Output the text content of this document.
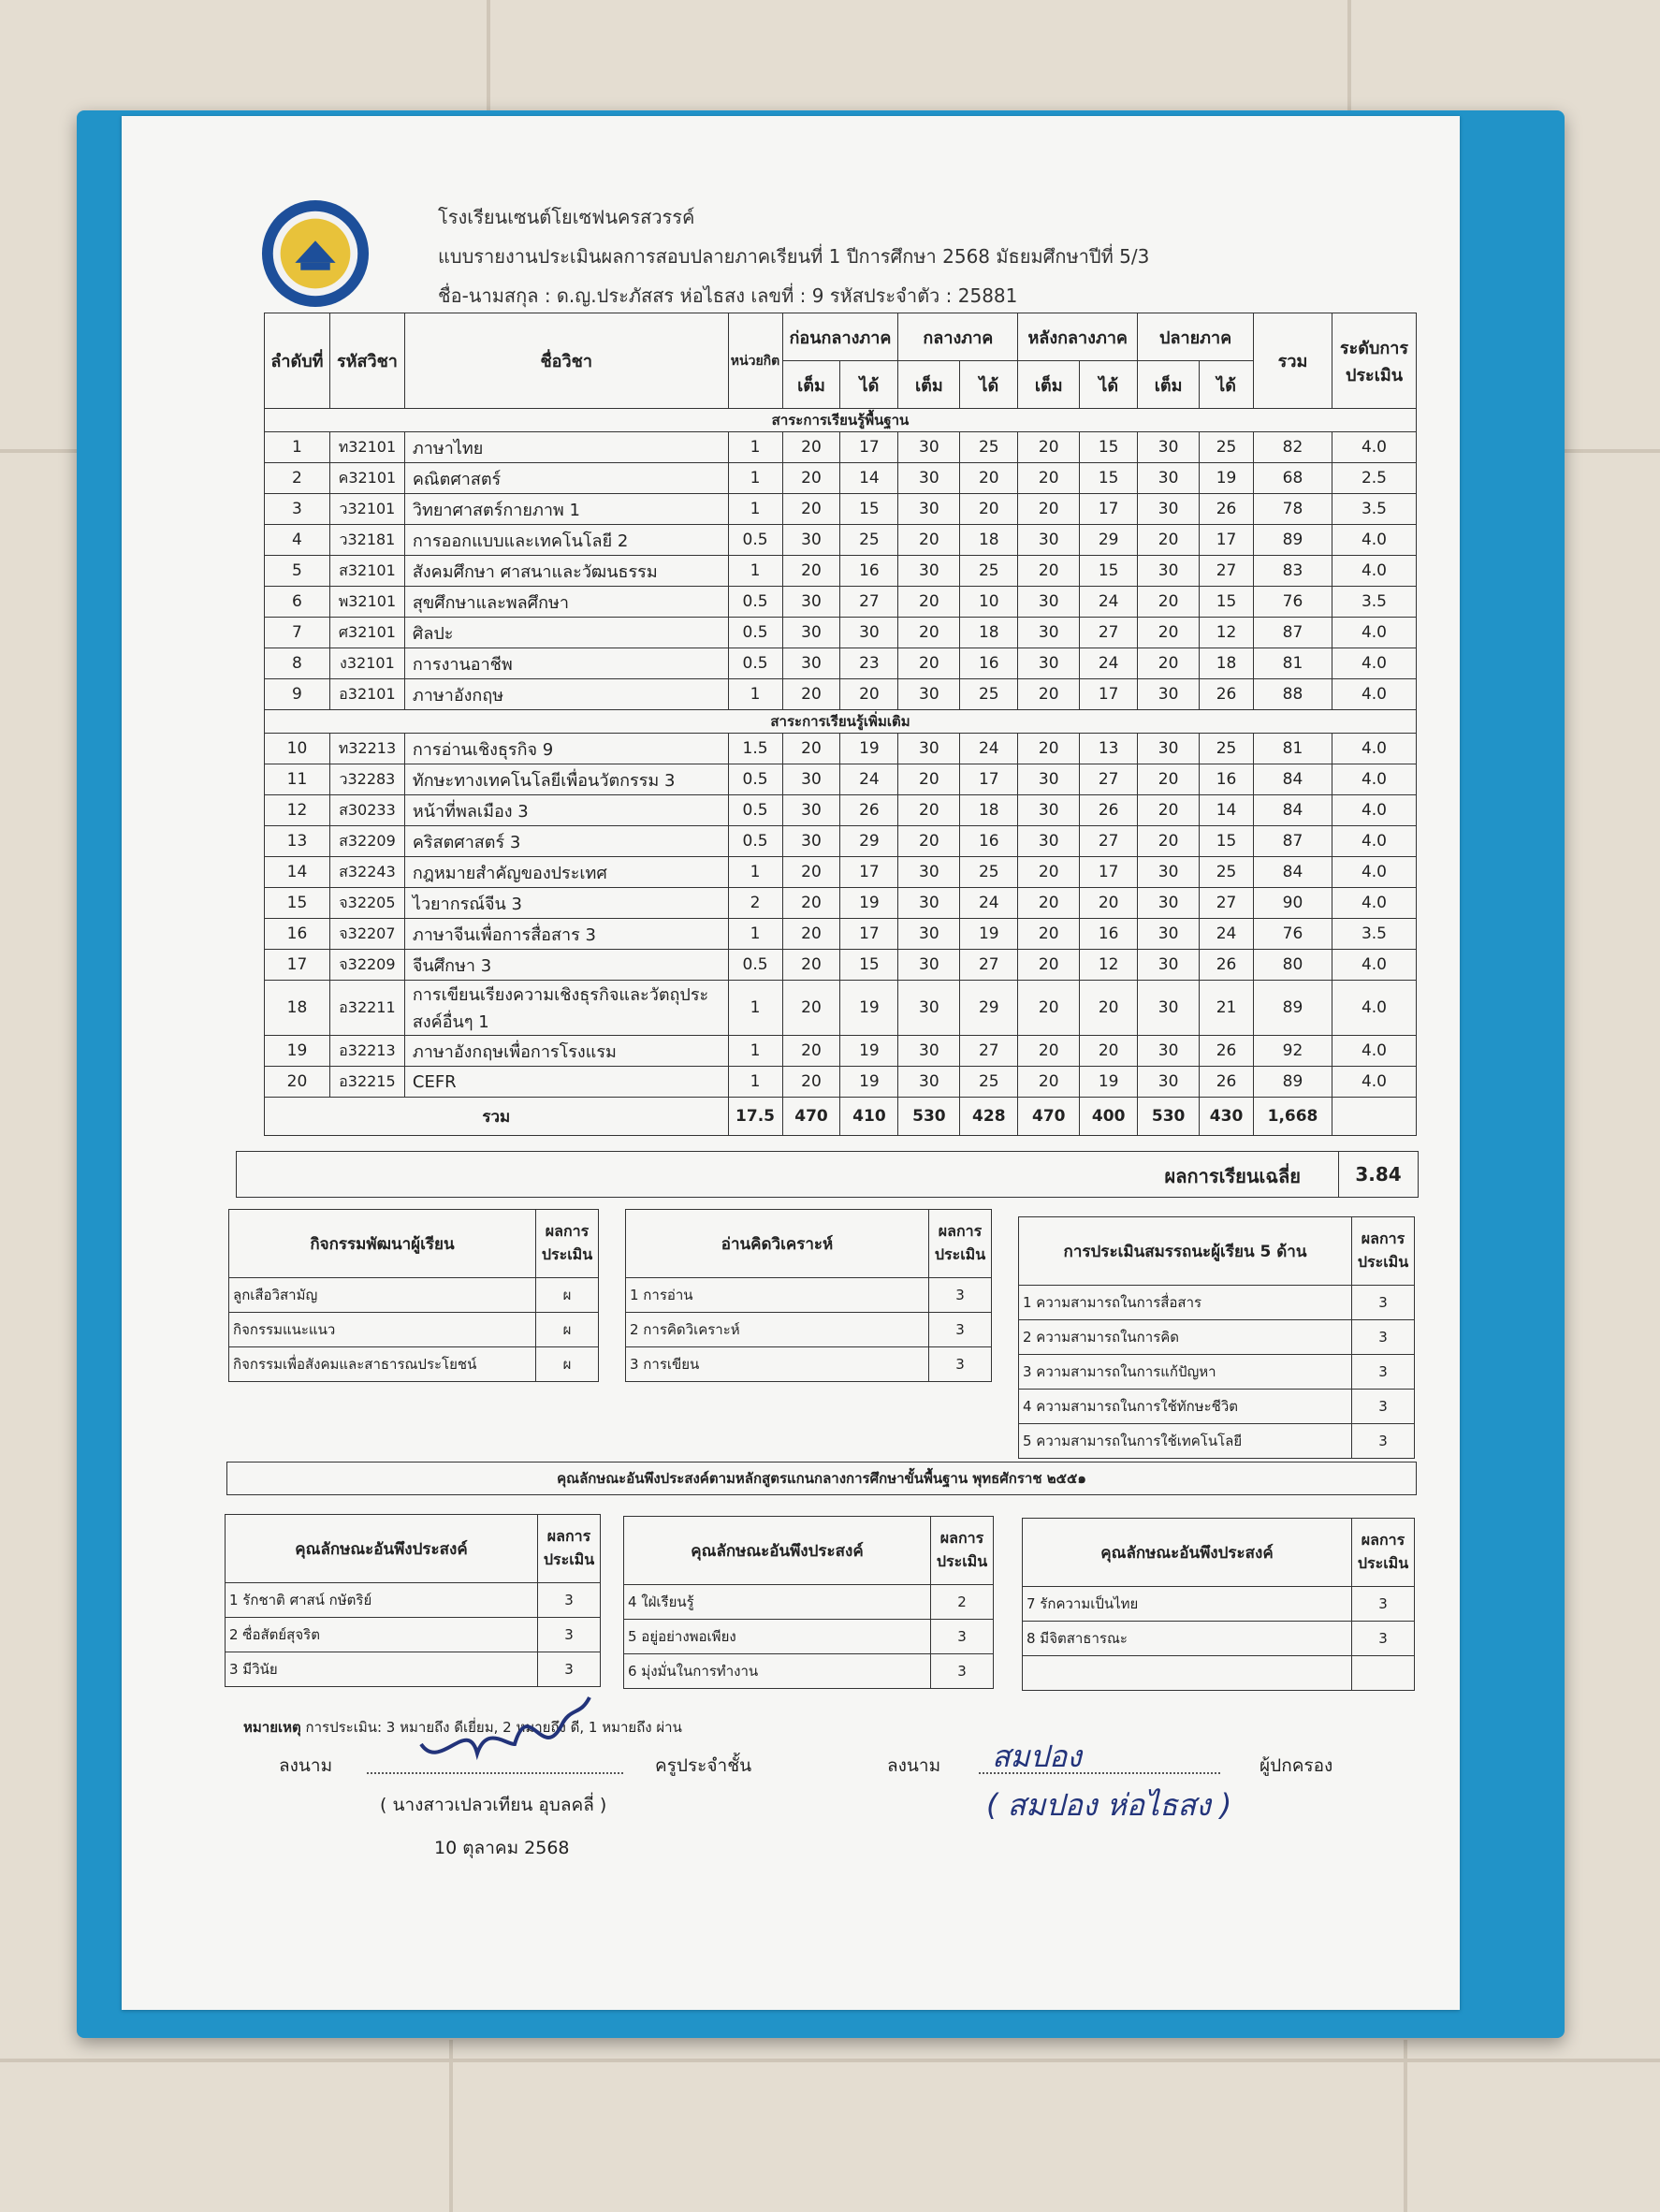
โรงเรียนเซนต์โยเซฟนครสวรรค์
แบบรายงานประเมินผลการสอบปลายภาคเรียนที่ 1 ปีการศึกษา 2568 มัธยมศึกษาปีที่ 5/3
ชื่อ-นามสกุล : ด.ญ.ประภัสสร ห่อไธสง เลขที่ : 9 รหัสประจำตัว : 25881
ลำดับที่	รหัสวิชา	ชื่อวิชา	หน่วยกิต	ก่อนกลางภาค		กลางภาค		หลังกลางภาค		ปลายภาค		รวม	ระดับการประเมิน
				เต็ม	ได้	เต็ม	ได้	เต็ม	ได้	เต็ม	ได้		
สาระการเรียนรู้พื้นฐาน													
1	ท32101	ภาษาไทย	1	20	17	30	25	20	15	30	25	82	4.0
2	ค32101	คณิตศาสตร์	1	20	14	30	20	20	15	30	19	68	2.5
3	ว32101	วิทยาศาสตร์กายภาพ 1	1	20	15	30	20	20	17	30	26	78	3.5
4	ว32181	การออกแบบและเทคโนโลยี 2	0.5	30	25	20	18	30	29	20	17	89	4.0
5	ส32101	สังคมศึกษา ศาสนาและวัฒนธรรม	1	20	16	30	25	20	15	30	27	83	4.0
6	พ32101	สุขศึกษาและพลศึกษา	0.5	30	27	20	10	30	24	20	15	76	3.5
7	ศ32101	ศิลปะ	0.5	30	30	20	18	30	27	20	12	87	4.0
8	ง32101	การงานอาชีพ	0.5	30	23	20	16	30	24	20	18	81	4.0
9	อ32101	ภาษาอังกฤษ	1	20	20	30	25	20	17	30	26	88	4.0
สาระการเรียนรู้เพิ่มเติม													
10	ท32213	การอ่านเชิงธุรกิจ 9	1.5	20	19	30	24	20	13	30	25	81	4.0
11	ว32283	ทักษะทางเทคโนโลยีเพื่อนวัตกรรม 3	0.5	30	24	20	17	30	27	20	16	84	4.0
12	ส30233	หน้าที่พลเมือง 3	0.5	30	26	20	18	30	26	20	14	84	4.0
13	ส32209	คริสตศาสตร์ 3	0.5	30	29	20	16	30	27	20	15	87	4.0
14	ส32243	กฎหมายสำคัญของประเทศ	1	20	17	30	25	20	17	30	25	84	4.0
15	จ32205	ไวยากรณ์จีน 3	2	20	19	30	24	20	20	30	27	90	4.0
16	จ32207	ภาษาจีนเพื่อการสื่อสาร 3	1	20	17	30	19	20	16	30	24	76	3.5
17	จ32209	จีนศึกษา 3	0.5	20	15	30	27	20	12	30	26	80	4.0
18	อ32211	การเขียนเรียงความเชิงธุรกิจและวัตถุประสงค์อื่นๆ 1	1	20	19	30	29	20	20	30	21	89	4.0
19	อ32213	ภาษาอังกฤษเพื่อการโรงแรม	1	20	19	30	27	20	20	30	26	92	4.0
20	อ32215	CEFR	1	20	19	30	25	20	19	30	26	89	4.0
รวม			17.5	470	410	530	428	470	400	530	430	1,668	
ผลการเรียนเฉลี่ย	3.84
กิจกรรมพัฒนาผู้เรียน	ผลการประเมิน
ลูกเสือวิสามัญ	ผ
กิจกรรมแนะแนว	ผ
กิจกรรมเพื่อสังคมและสาธารณประโยชน์	ผ
อ่านคิดวิเคราะห์	ผลการประเมิน
1 การอ่าน	3
2 การคิดวิเคราะห์	3
3 การเขียน	3
การประเมินสมรรถนะผู้เรียน 5 ด้าน	ผลการประเมิน
1 ความสามารถในการสื่อสาร	3
2 ความสามารถในการคิด	3
3 ความสามารถในการแก้ปัญหา	3
4 ความสามารถในการใช้ทักษะชีวิต	3
5 ความสามารถในการใช้เทคโนโลยี	3
คุณลักษณะอันพึงประสงค์ตามหลักสูตรแกนกลางการศึกษาขั้นพื้นฐาน พุทธศักราช ๒๕๕๑
คุณลักษณะอันพึงประสงค์	ผลการประเมิน
1 รักชาติ ศาสน์ กษัตริย์	3
2 ซื่อสัตย์สุจริต	3
3 มีวินัย	3
คุณลักษณะอันพึงประสงค์	ผลการประเมิน
4 ใฝ่เรียนรู้	2
5 อยู่อย่างพอเพียง	3
6 มุ่งมั่นในการทำงาน	3
คุณลักษณะอันพึงประสงค์	ผลการประเมิน
7 รักความเป็นไทย	3
8 มีจิตสาธารณะ	3

หมายเหตุ การประเมิน: 3 หมายถึง ดีเยี่ยม, 2 หมายถึง ดี, 1 หมายถึง ผ่าน
ลงนาม	ครูประจำชั้น
( นางสาวเปลวเทียน อุบลคลี่ )
10 ตุลาคม 2568
ลงนาม สมปอง	ผู้ปกครอง
( สมปอง ห่อไธสง )
